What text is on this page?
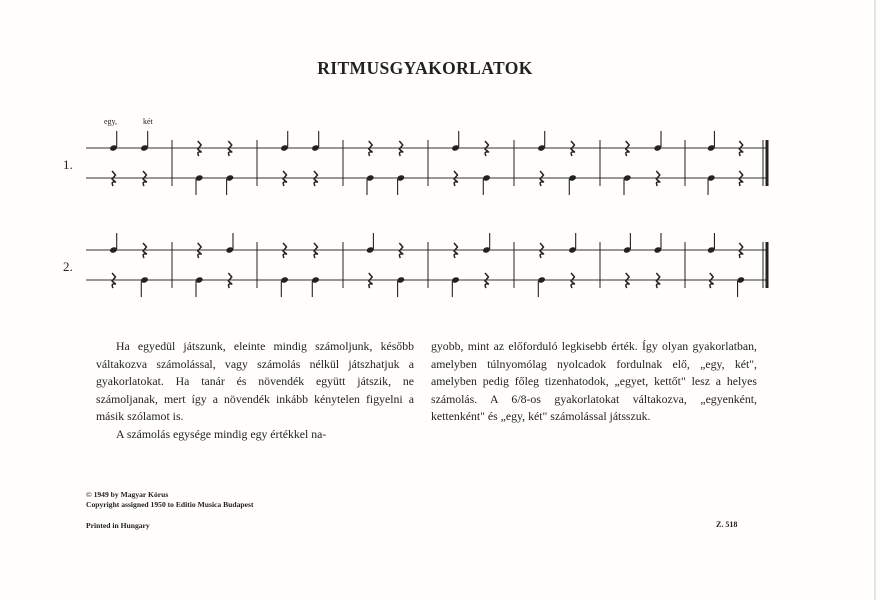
RITMUSGYAKORLATOK
egy,	két
1.
2.

Ha egyedül játszunk, eleinte mindig számoljunk, később váltakozva számolással, vagy számolás nélkül játszhatjuk a gyakorlatokat. Ha tanár és növendék együtt játszik, ne számoljanak, mert így a növendék inkább kénytelen figyelni a másik szólamot is.

A számolás egysége mindig egy értékkel na-

gyobb, mint az előforduló legkisebb érték. Így olyan gyakorlatban, amelyben túlnyomólag nyolcadok fordulnak elő, „egy, két", amelyben pedig főleg tizenhatodok, „egyet, kettőt" lesz a helyes számolás. A 6/8-os gyakorlatokat váltakozva, „egyenként, kettenként" és „egy, két" számolással játsszuk.

© 1949 by Magyar Kórus
Copyright assigned 1950 to Editio Musica Budapest
Printed in Hungary	Z. 518
